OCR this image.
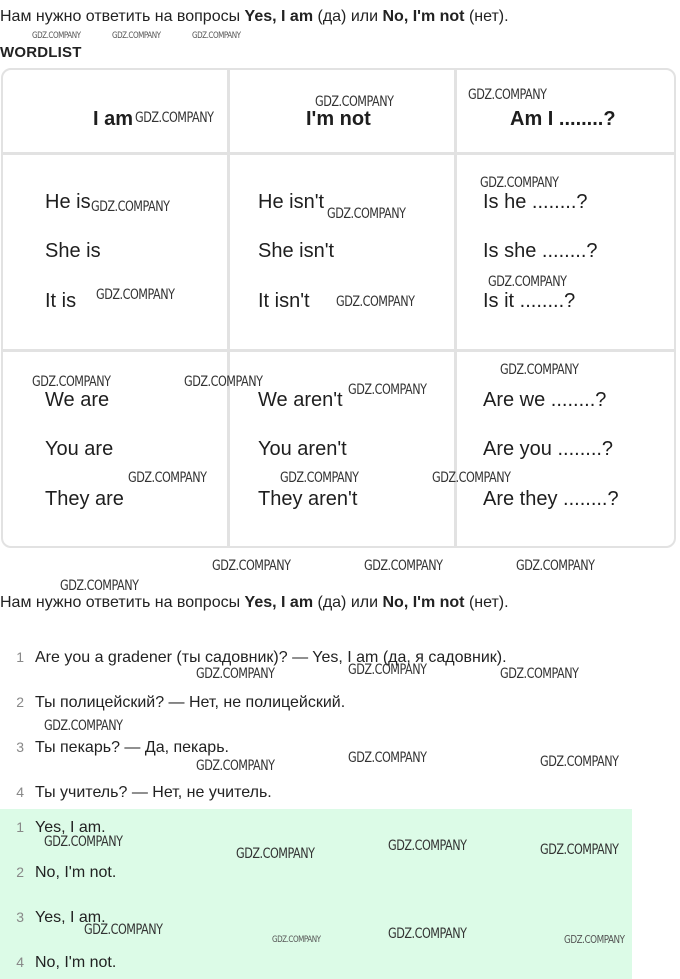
Нам нужно ответить на вопросы Yes, I am (да) или No, I'm not (нет).
WORDLIST
I am	I'm not	Am I ........?
He is	He isn't	Is he ........?
She is	She isn't	Is she ........?
It is	It isn't	Is it ........?
We are	We aren't	Are we ........?
You are	You aren't	Are you ........?
They are	They aren't	Are they ........?
Нам нужно ответить на вопросы Yes, I am (да) или No, I'm not (нет).
1 Are you a gradener (ты садовник)? — Yes, I am (да, я садовник).
2 Ты полицейский? — Нет, не полицейский.
3 Ты пекарь? — Да, пекарь.
4 Ты учитель? — Нет, не учитель.
1 Yes, I am.
2 No, I'm not.
3 Yes, I am.
4 No, I'm not.
GDZ.COMPANY	GDZ.COMPANY	GDZ.COMPANY
GDZ.COMPANY
GDZ.COMPANY	GDZ.COMPANY
GDZ.COMPANY	GDZ.COMPANY
GDZ.COMPANY
GDZ.COMPANY	GDZ.COMPANY
GDZ.COMPANY
GDZ.COMPANY	GDZ.COMPANY	GDZ.COMPANY
GDZ.COMPANY
GDZ.COMPANY	GDZ.COMPANY	GDZ.COMPANY
GDZ.COMPANY	GDZ.COMPANY	GDZ.COMPANY
GDZ.COMPANY
GDZ.COMPANY	GDZ.COMPANY	GDZ.COMPANY
GDZ.COMPANY
GDZ.COMPANY	GDZ.COMPANY	GDZ.COMPANY
GDZ.COMPANY
GDZ.COMPANY	GDZ.COMPANY	GDZ.COMPANY
GDZ.COMPANY
GDZ.COMPANY	GDZ.COMPANY	GDZ.COMPANY
